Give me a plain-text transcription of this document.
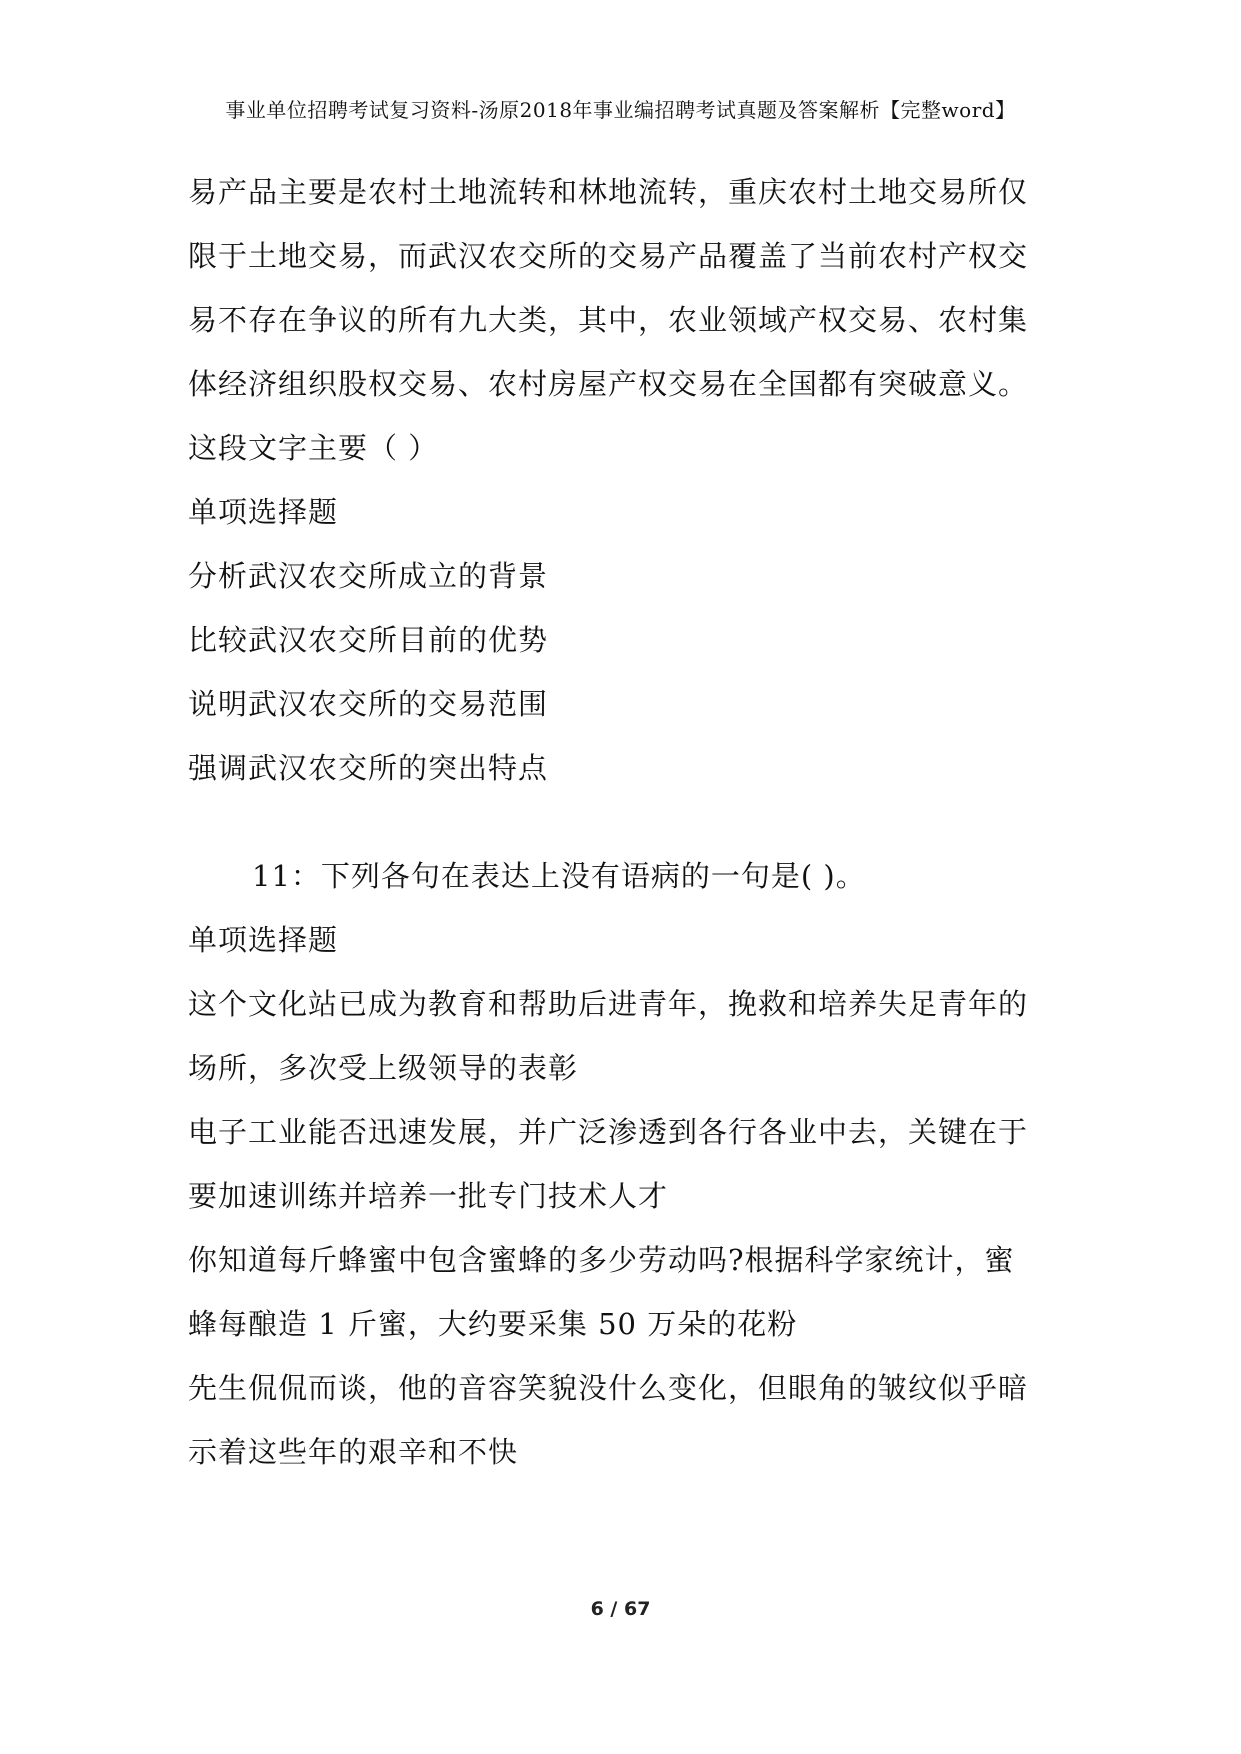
事业单位招聘考试复习资料-汤原2018年事业编招聘考试真题及答案解析【完整word】
易产品主要是农村土地流转和林地流转，重庆农村土地交易所仅
限于土地交易，而武汉农交所的交易产品覆盖了当前农村产权交
易不存在争议的所有九大类，其中，农业领域产权交易、农村集
体经济组织股权交易、农村房屋产权交易在全国都有突破意义。
这段文字主要（ ）
单项选择题
分析武汉农交所成立的背景
比较武汉农交所目前的优势
说明武汉农交所的交易范围
强调武汉农交所的突出特点
11：下列各句在表达上没有语病的一句是( )。
单项选择题
这个文化站已成为教育和帮助后进青年，挽救和培养失足青年的
场所，多次受上级领导的表彰
电子工业能否迅速发展，并广泛渗透到各行各业中去，关键在于
要加速训练并培养一批专门技术人才
你知道每斤蜂蜜中包含蜜蜂的多少劳动吗?根据科学家统计，蜜
蜂每酿造 1 斤蜜，大约要采集 50 万朵的花粉
先生侃侃而谈，他的音容笑貌没什么变化，但眼角的皱纹似乎暗
示着这些年的艰辛和不快
6 / 67
